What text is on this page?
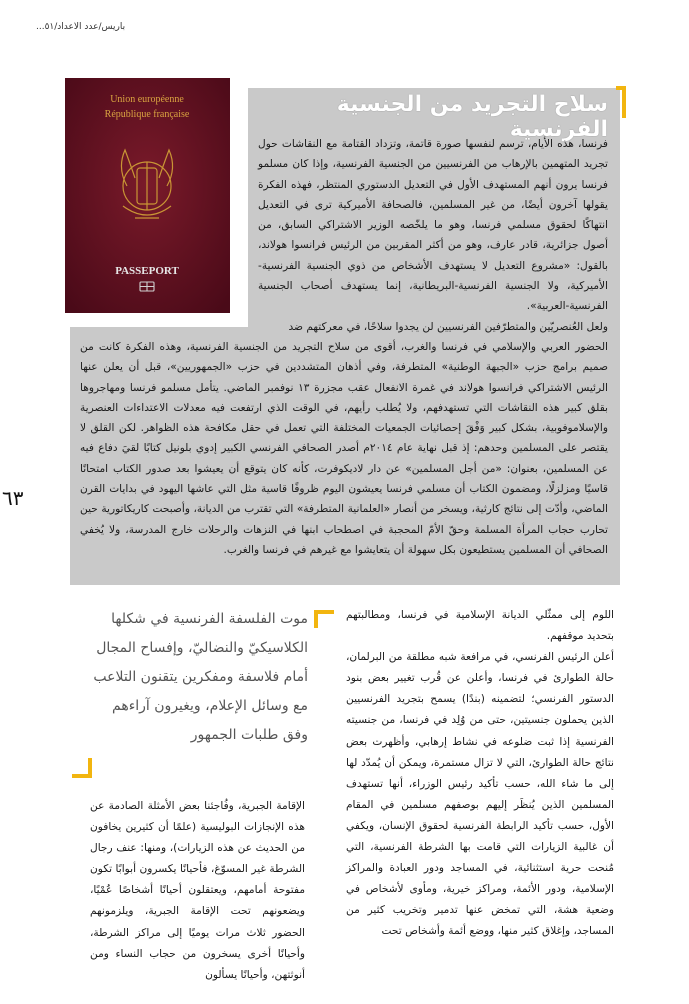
باريس/عدد الاعداد/٥١...
٦٣
Union européenne
République française
PASSEPORT
سلاح التجريد من الجنسية الفرنسية

فرنسا، هذه الأيام، ترسم لنفسها صورة قاتمة، وتزداد القتامة مع النقاشات حول تجريد المتهمين بالإرهاب من الفرنسيين من الجنسية الفرنسية، وإذا كان مسلمو فرنسا يرون أنهم المستهدف الأول في التعديل الدستوري المنتظر، فهذه الفكرة يقولها آخرون أيضًا، من غير المسلمين، فالصحافة الأميركية ترى في التعديل انتهاكًا لحقوق مسلمي فرنسا، وهو ما يلخّصه الوزير الاشتراكي السابق، من أصول جزائرية، قادر عارف، وهو من أكثر المقربين من الرئيس فرانسوا هولاند، بالقول: «مشروع التعديل لا يستهدف الأشخاص من ذوي الجنسية الفرنسية-الأميركية، ولا الجنسية الفرنسية-البريطانية، إنما يستهدف أصحاب الجنسية الفرنسية-العربية».

ولعل العُنصريّين والمتطرّفين الفرنسيين لن يجدوا سلاحًا، في معركتهم ضد

الحضور العربي والإسلامي في فرنسا والغرب، أقوى من سلاح التجريد من الجنسية الفرنسية، وهذه الفكرة كانت من صميم برامج حزب «الجبهة الوطنية» المتطرفة، وفي أذهان المتشددين في حزب «الجمهوريين»، قبل أن يعلن عنها الرئيس الاشتراكي فرانسوا هولاند في غمرة الانفعال عقب مجزرة ١٣ نوفمبر الماضي. يتأمل مسلمو فرنسا ومهاجروها بقلق كبير هذه النقاشات التي تستهدفهم، ولا يُطلب رأيهم، في الوقت الذي ارتفعت فيه معدلات الاعتداءات العنصرية والإسلاموفوبية، بشكل كبير وَفْقَ إحصائيات الجمعيات المختلفة التي تعمل في حقل مكافحة هذه الظواهر. لكن القلق لا يقتصر على المسلمين وحدهم: إذ قبل نهاية عام ٢٠١٤م أصدر الصحافي الفرنسي الكبير إدوي بلونيل كتابًا لقيَ دفاع فيه عن المسلمين، بعنوان: «من أجل المسلمين» عن دار لاديكوفرت، كأنه كان يتوقع أن يعيشوا بعد صدور الكتاب امتحانًا قاسيًا ومزلزلًا، ومضمون الكتاب أن مسلمي فرنسا يعيشون اليوم ظروفًا قاسية مثل التي عاشها اليهود في بدايات القرن الماضي، وأدّت إلى نتائج كارثية، ويسخر من أنصار «العلمانية المتطرفة» التي تقترب من الديانة، وأصبحت كاريكاتورية حين تحارب حجاب المرأة المسلمة وحقّ الأمّ المحجبة في اصطحاب ابنها في النزهات والرحلات خارج المدرسة، ولا يُخفي الصحافي أن المسلمين يستطيعون بكل سهولة أن يتعايشوا مع غيرهم في فرنسا والغرب.

موت الفلسفة الفرنسية في شكلها الكلاسيكيّ والنضاليّ، وإفساح المجال أمام فلاسفة ومفكرين يتقنون التلاعب مع وسائل الإعلام، ويغيرون آراءهم وفق طلبات الجمهور

اللوم إلى ممثّلي الديانة الإسلامية في فرنسا، ومطالبتهم بتحديد موقفهم.

أعلن الرئيس الفرنسي، في مرافعة شبه مطلقة من البرلمان، حالة الطوارئ في فرنسا، وأعلن عن قُرب تغيير بعض بنود الدستور الفرنسي؛ لتضمينه (بندًا) يسمح بتجريد الفرنسيين الذين يحملون جنسيتين، حتى من وُلِد في فرنسا، من جنسيته الفرنسية إذا ثبت ضلوعه في نشاط إرهابي، وأظهرت بعض نتائج حالة الطوارئ، التي لا تزال مستمرة، ويمكن أن يُمدّد لها إلى ما شاء الله، حسب تأكيد رئيس الوزراء، أنها تستهدف المسلمين الذين يُنظَر إليهم بوصفهم مسلمين في المقام الأول، حسب تأكيد الرابطة الفرنسية لحقوق الإنسان، ويكفي أن غالبية الزيارات التي قامت بها الشرطة الفرنسية، التي مُنحت حرية استثنائية، في المساجد ودور العبادة والمراكز الإسلامية، ودور الأئمة، ومراكز خيرية، ومأوى لأشخاص في وضعية هشة، التي تمخض عنها تدمير وتخريب كثير من المساجد، وإغلاق كثير منها، ووضع أئمة وأشخاص تحت

الإقامة الجبرية، وفُاجئنا بعض الأمثلة الصادمة عن هذه الإنجازات البوليسية (علمًا أن كثيرين يخافون من الحديث عن هذه الزيارات)، ومنها: عنف رجال الشرطة غير المسوّغ، فأحيانًا يكسرون أبوابًا تكون مفتوحة أمامهم، ويعتقلون أحيانًا أشخاصًا عُمْيًا، ويضعونهم تحت الإقامة الجبرية، ويلزمونهم الحضور ثلاث مرات يوميًا إلى مراكز الشرطة، وأحيانًا أخرى يسخرون من حجاب النساء ومن أنوثتهن، وأحيانًا يسألون
